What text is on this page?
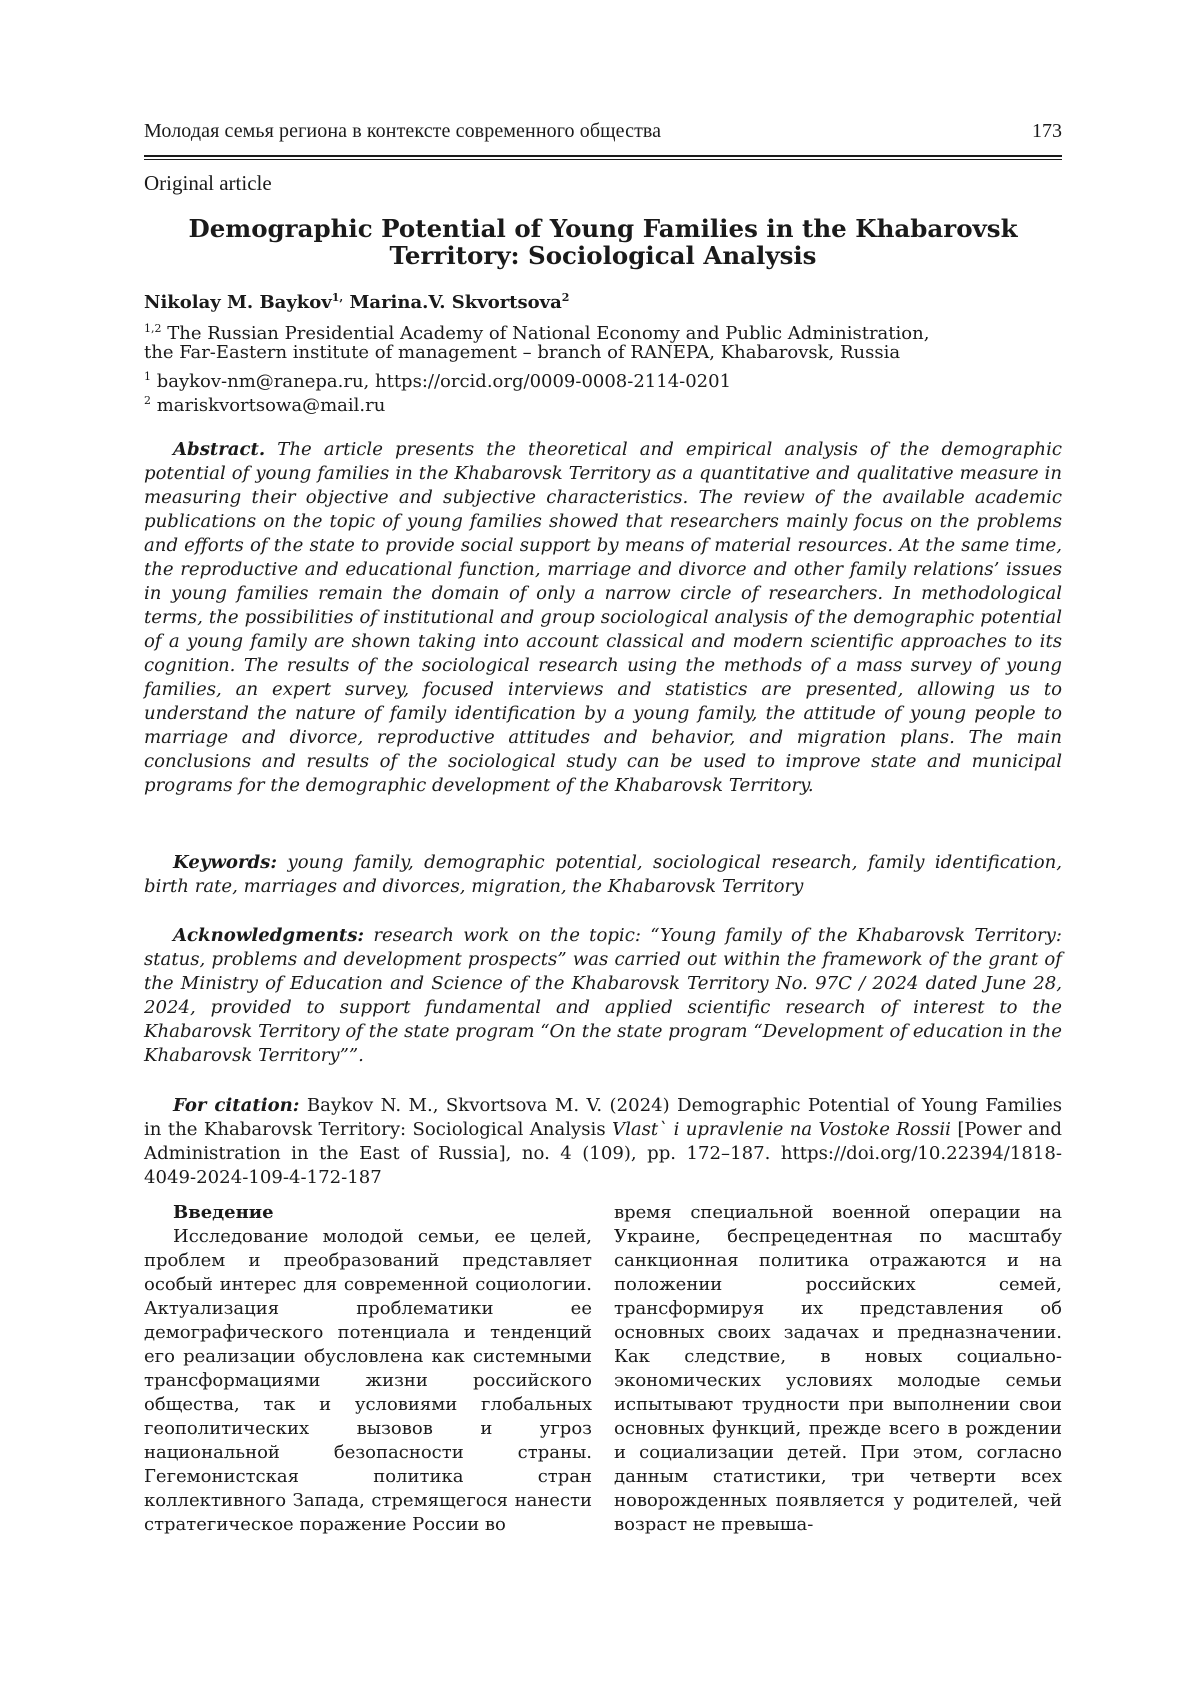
Молодая семья региона в контексте современного общества	173
Original article
Demographic Potential of Young Families in the Khabarovsk Territory: Sociological Analysis
Nikolay M. Baykov$^{1,}$ Marina.V. Skvortsova$^2$
$^{1,2}$ The Russian Presidential Academy of National Economy and Public Administration,
the Far-Eastern institute of management – branch of RANEPA, Khabarovsk, Russia
$^1$ baykov-nm@ranepa.ru, https://orcid.org/0009-0008-2114-0201
$^2$ mariskvortsowa@mail.ru
Abstract. The article presents the theoretical and empirical analysis of the demographic potential of young families in the Khabarovsk Territory as a quantitative and qualitative measure in measuring their objective and subjective characteristics. The review of the available academic publications on the topic of young families showed that researchers mainly focus on the problems and efforts of the state to provide social support by means of material resources. At the same time, the reproductive and educational function, marriage and divorce and other family relations’ issues in young families remain the domain of only a narrow circle of researchers. In methodological terms, the possibilities of institutional and group sociological analysis of the demographic potential of a young family are shown taking into account classical and modern scientific approaches to its cognition. The results of the sociological research using the methods of a mass survey of young families, an expert survey, focused interviews and statistics are presented, allowing us to understand the nature of family identification by a young family, the attitude of young people to marriage and divorce, reproductive attitudes and behavior, and migration plans. The main conclusions and results of the sociological study can be used to improve state and municipal programs for the demographic development of the Khabarovsk Territory.
Keywords: young family, demographic potential, sociological research, family identification, birth rate, marriages and divorces, migration, the Khabarovsk Territory
Acknowledgments: research work on the topic: “Young family of the Khabarovsk Territory: status, problems and development prospects” was carried out within the framework of the grant of the Ministry of Education and Science of the Khabarovsk Territory No. 97C / 2024 dated June 28, 2024, provided to support fundamental and applied scientific research of interest to the Khabarovsk Territory of the state program “On the state program “Development of education in the Khabarovsk Territory””.
For citation: Baykov N. M., Skvortsova M. V. (2024) Demographic Potential of Young Families in the Khabarovsk Territory: Sociological Analysis Vlast` i upravlenie na Vostoke Rossii [Power and Administration in the East of Russia], no. 4 (109), pp. 172–187. https://doi.org/10.22394/1818-4049-2024-109-4-172-187
Введение
Исследование молодой семьи, ее целей, проблем и преобразований представляет особый интерес для современной социологии. Актуализация проблематики ее демографического потенциала и тенденций его реализации обусловлена как системными трансформациями жизни российского общества, так и условиями глобальных геополитических вызовов и угроз национальной безопасности страны. Гегемонистская политика стран коллективного Запада, стремящегося нанести стратегическое поражение России во
время специальной военной операции на Украине, беспрецедентная по масштабу санкционная политика отражаются и на положении российских семей, трансформируя их представления об основных своих задачах и предназначении. Как следствие, в новых социально-экономических условиях молодые семьи испытывают трудности при выполнении свои основных функций, прежде всего в рождении и социализации детей. При этом, согласно данным статистики, три четверти всех новорожденных появляется у родителей, чей возраст не превыша-
